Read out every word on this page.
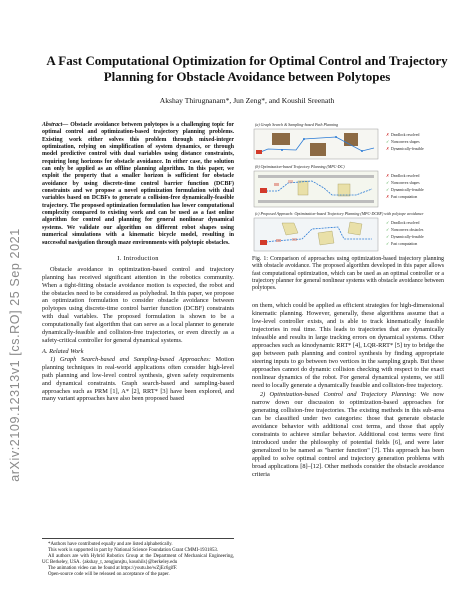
arXiv:2109.12313v1 [cs.RO] 25 Sep 2021
A Fast Computational Optimization for Optimal Control and Trajectory Planning for Obstacle Avoidance between Polytopes
Akshay Thirugnanam*, Jun Zeng*, and Koushil Sreenath

Abstract— Obstacle avoidance between polytopes is a challenging topic for optimal control and optimization-based trajectory planning problems. Existing work either solves this problem through mixed-integer optimization, relying on simplification of system dynamics, or through model predictive control with dual variables using distance constraints, requiring long horizons for obstacle avoidance. In either case, the solution can only be applied as an offline planning algorithm. In this paper, we exploit the property that a smaller horizon is sufficient for obstacle avoidance by using discrete-time control barrier function (DCBF) constraints and we propose a novel optimization formulation with dual variables based on DCBFs to generate a collision-free dynamically-feasible trajectory. The proposed optimization formulation has lower computational complexity compared to existing work and can be used as a fast online algorithm for control and planning for general nonlinear dynamical systems. We validate our algorithm on different robot shapes using numerical simulations with a kinematic bicycle model, resulting in successful navigation through maze environments with polytopic obstacles.

I. Introduction

Obstacle avoidance in optimization-based control and trajectory planning has received significant attention in the robotics community. When a tight-fitting obstacle avoidance motion is expected, the robot and the obstacles need to be considered as polyhedral. In this paper, we propose an optimization formulation to consider obstacle avoidance between polytopes using discrete-time control barrier function (DCBF) constraints with dual variables. The proposed formulation is shown to be a computationally fast algorithm that can serve as a local planner to generate dynamically-feasible and collision-free trajectories, or even directly as a safety-critical controller for general dynamical systems.

A. Related Work

1) Graph Search-based and Sampling-based Approaches: Motion planning techniques in real-world applications often consider high-level path planning and low-level control synthesis, given safety requirements and dynamical constraints. Graph search-based and sampling-based approaches such as PRM [1], A* [2], RRT* [3] have been explored, and many variant approaches have also been proposed based

*Authors have contributed equally and are listed alphabetically.

This work is supported in part by National Science Foundation Grant CMMI-1931853.

All authors are with Hybrid Robotics Group at the Department of Mechanical Engineering, UC Berkeley, USA. {akshay_t, zengjunsjtu, koushils}@berkeley.edu

The animation video can be found at https://youtu.be/wZjEc6gifF.

Open-source code will be released on acceptance of the paper.

(a) Graph Search & Sampling-based Path Planning
✗ Deadlock resolved
✓ Nonconvex shapes
✗ Dynamically-feasible
(b) Optimization-based Trajectory Planning (MPC-DC)
✗ Deadlock resolved
✓ Nonconvex shapes
✓ Dynamically-feasible
✗ Fast computation
(c) Proposed Approach: Optimization-based Trajectory Planning (MPC-DCBF) with polytope avoidance
✓ Deadlock resolved
✓ Nonconvex obstacles
✓ Dynamically-feasible
✓ Fast computation

Fig. 1: Comparison of approaches using optimization-based trajectory planning with obstacle avoidance. The proposed algorithm developed in this paper allows fast computational optimization, which can be used as an optimal controller or a trajectory planner for general nonlinear systems with obstacle avoidance between polytopes.

on them, which could be applied as efficient strategies for high-dimensional kinematic planning. However, generally, these algorithms assume that a low-level controller exists, and is able to track kinematically feasible trajectories in real time. This leads to trajectories that are dynamically infeasible and results in large tracking errors on dynamical systems. Other approaches such as kinodynamic RRT* [4], LQR-RRT* [5] try to bridge the gap between path planning and control synthesis by finding appropriate steering inputs to go between two vertices in the sampling graph. But these approaches cannot do dynamic collision checking with respect to the exact nonlinear dynamics of the robot. For general dynamical systems, we still need to locally generate a dynamically feasible and collision-free trajectory.

2) Optimization-based Control and Trajectory Planning: We now narrow down our discussion to optimization-based approaches for generating collision-free trajectories. The existing methods in this sub-area can be classified under two categories: those that generate obstacle avoidance behavior with additional cost terms, and those that apply constraints to achieve similar behavior. Additional cost terms were first introduced under the philosophy of potential fields [6], and were later generalized to be named as "barrier function" [7]. This approach has been applied to solve optimal control and trajectory generation problems with broad applications [8]–[12]. Other methods consider the obstacle avoidance criteria
